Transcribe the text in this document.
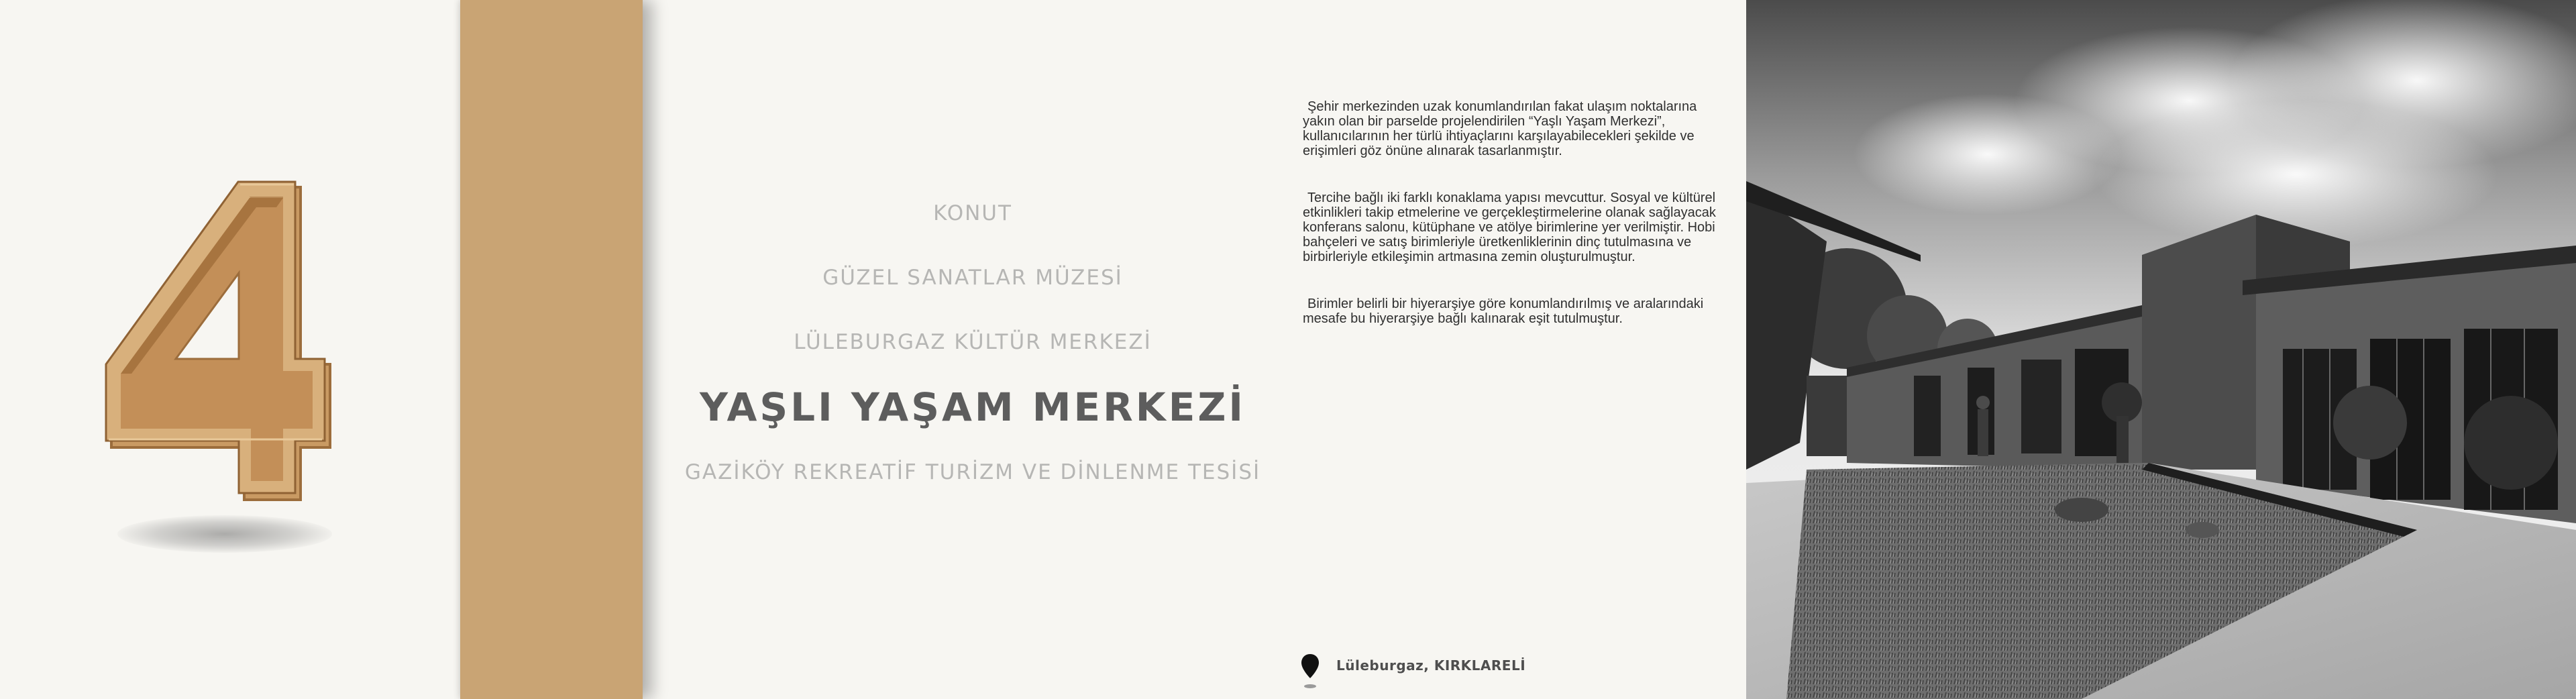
KONUT
GÜZEL SANATLAR MÜZESİ
LÜLEBURGAZ KÜLTÜR MERKEZİ
YAŞLI YAŞAM MERKEZİ
GAZİKÖY REKREATİF TURİZM VE DİNLENME TESİSİ

Şehir merkezinden uzak konumlandırılan fakat ulaşım noktalarına yakın olan bir parselde projelendirilen “Yaşlı Yaşam Merkezi”, kullanıcılarının her türlü ihtiyaçlarını karşılayabilecekleri şekilde ve erişimleri göz önüne alınarak tasarlanmıştır.

Tercihe bağlı iki farklı konaklama yapısı mevcuttur. Sosyal ve kültürel etkinlikleri takip etmelerine ve gerçekleştirmelerine olanak sağlayacak konferans salonu, kütüphane ve atölye birimlerine yer verilmiştir. Hobi bahçeleri ve satış birimleriyle üretkenliklerinin dinç tutulmasına ve birbirleriyle etkileşimin artmasına zemin oluşturulmuştur.

Birimler belirli bir hiyerarşiye göre konumlandırılmış ve aralarındaki mesafe bu hiyerarşiye bağlı kalınarak eşit tutulmuştur.

Lüleburgaz, KIRKLARELİ
